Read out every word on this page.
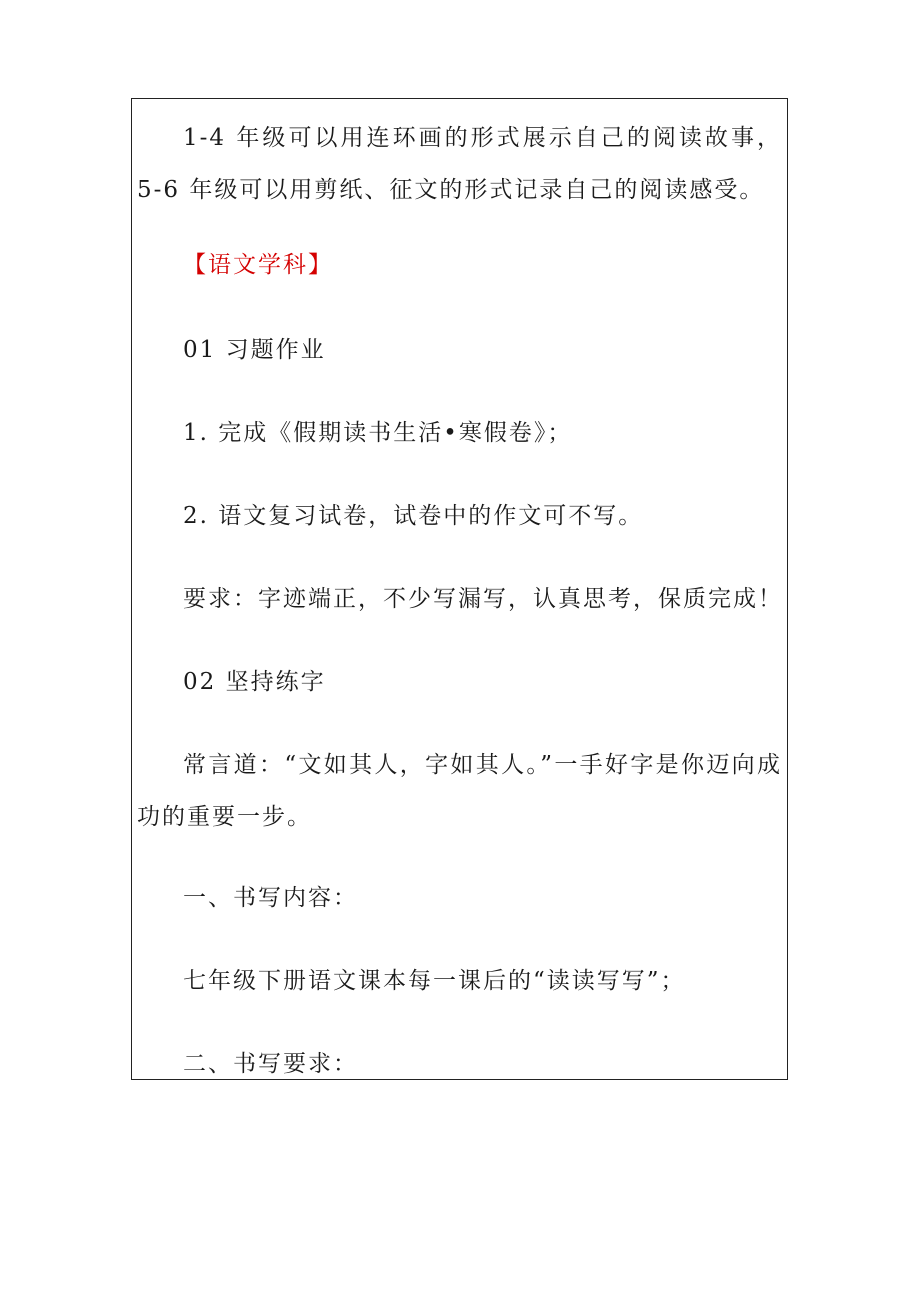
1-4 年级可以用连环画的形式展示自己的阅读故事，5-6 年级可以用剪纸、征文的形式记录自己的阅读感受。

【语文学科】

01 习题作业

1. 完成《假期读书生活•寒假卷》；

2. 语文复习试卷，试卷中的作文可不写。

要求：字迹端正，不少写漏写，认真思考，保质完成！

02 坚持练字

常言道：“文如其人，字如其人。”一手好字是你迈向成功的重要一步。

一、书写内容：

七年级下册语文课本每一课后的“读读写写”；

二、书写要求：
